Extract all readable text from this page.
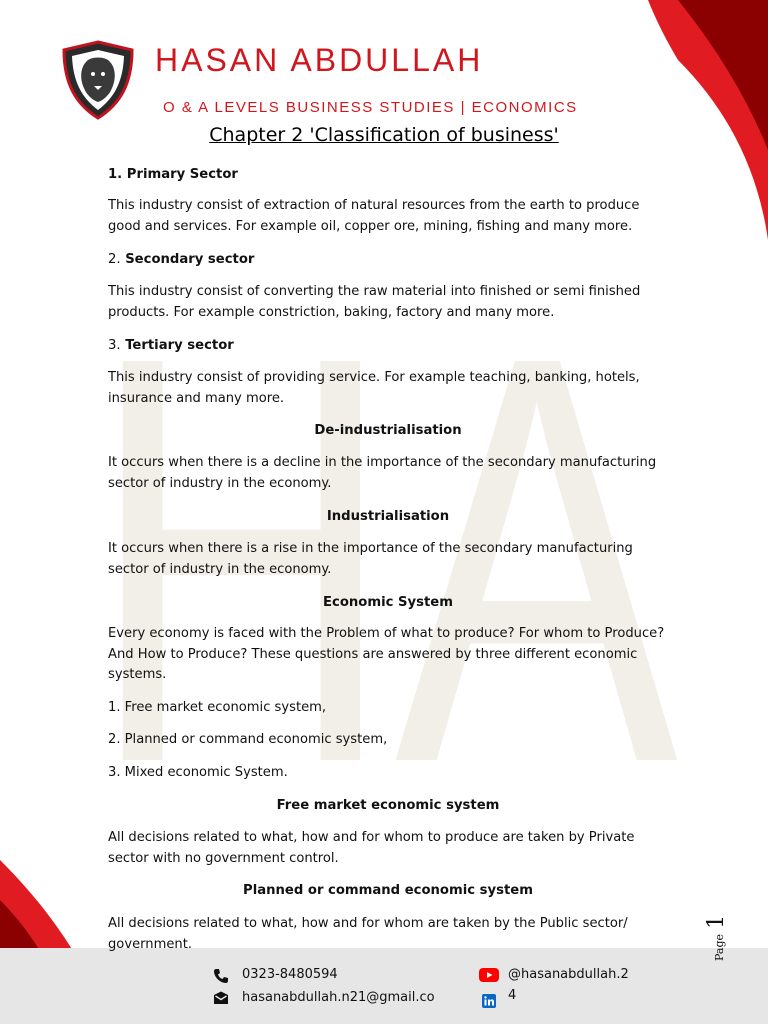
HA
HASAN ABDULLAH
O & A LEVELS BUSINESS STUDIES | ECONOMICS
Chapter 2 'Classification of business'
1. Primary Sector
This industry consist of extraction of natural resources from the earth to produce good and services. For example oil, copper ore, mining, fishing and many more.
2. Secondary sector
This industry consist of converting the raw material into finished or semi finished products. For example constriction, baking, factory and many more.
3. Tertiary sector
This industry consist of providing service. For example teaching, banking, hotels, insurance and many more.
De-industrialisation
It occurs when there is a decline in the importance of the secondary manufacturing sector of industry in the economy.
Industrialisation
It occurs when there is a rise in the importance of the secondary manufacturing sector of industry in the economy.
Economic System
Every economy is faced with the Problem of what to produce? For whom to Produce? And How to Produce? These questions are answered by three different economic systems.
1. Free market economic system,
2. Planned or command economic system,
3. Mixed economic System.
Free market economic system
All decisions related to what, how and for whom to produce are taken by Private sector with no government control.
Planned or command economic system
All decisions related to what, how and for whom are taken by the Public sector/ government.	Page 1
0323-8480594
hasanabdullah.n21@gmail.co
@hasanabdullah.2
4
